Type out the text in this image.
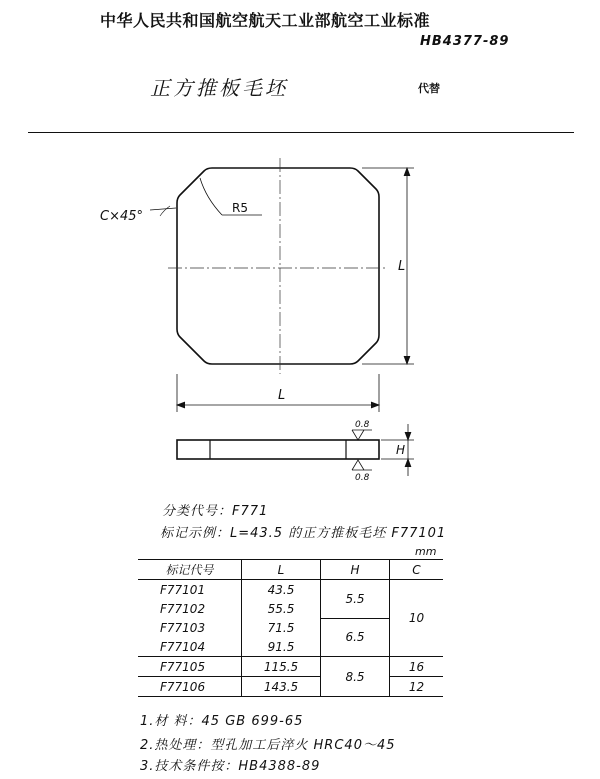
中华人民共和国航空航天工业部航空工业标准
HB4377-89
正方推板毛坯	代替
C×45°
R5
L
L
H
0.8
0.8
分类代号：F771
标记示例：L=43.5 的正方推板毛坯 F77101
mm
标记代号	L	H	C
F77101	43.5	5.5	10
F77102	55.5		
F77103	71.5	6.5	
F77104	91.5		
F77105	115.5	8.5	16
F77106	143.5		12
1.材 料：45 GB 699-65
2.热处理：型孔加工后淬火 HRC40～45
3.技术条件按：HB4388-89
